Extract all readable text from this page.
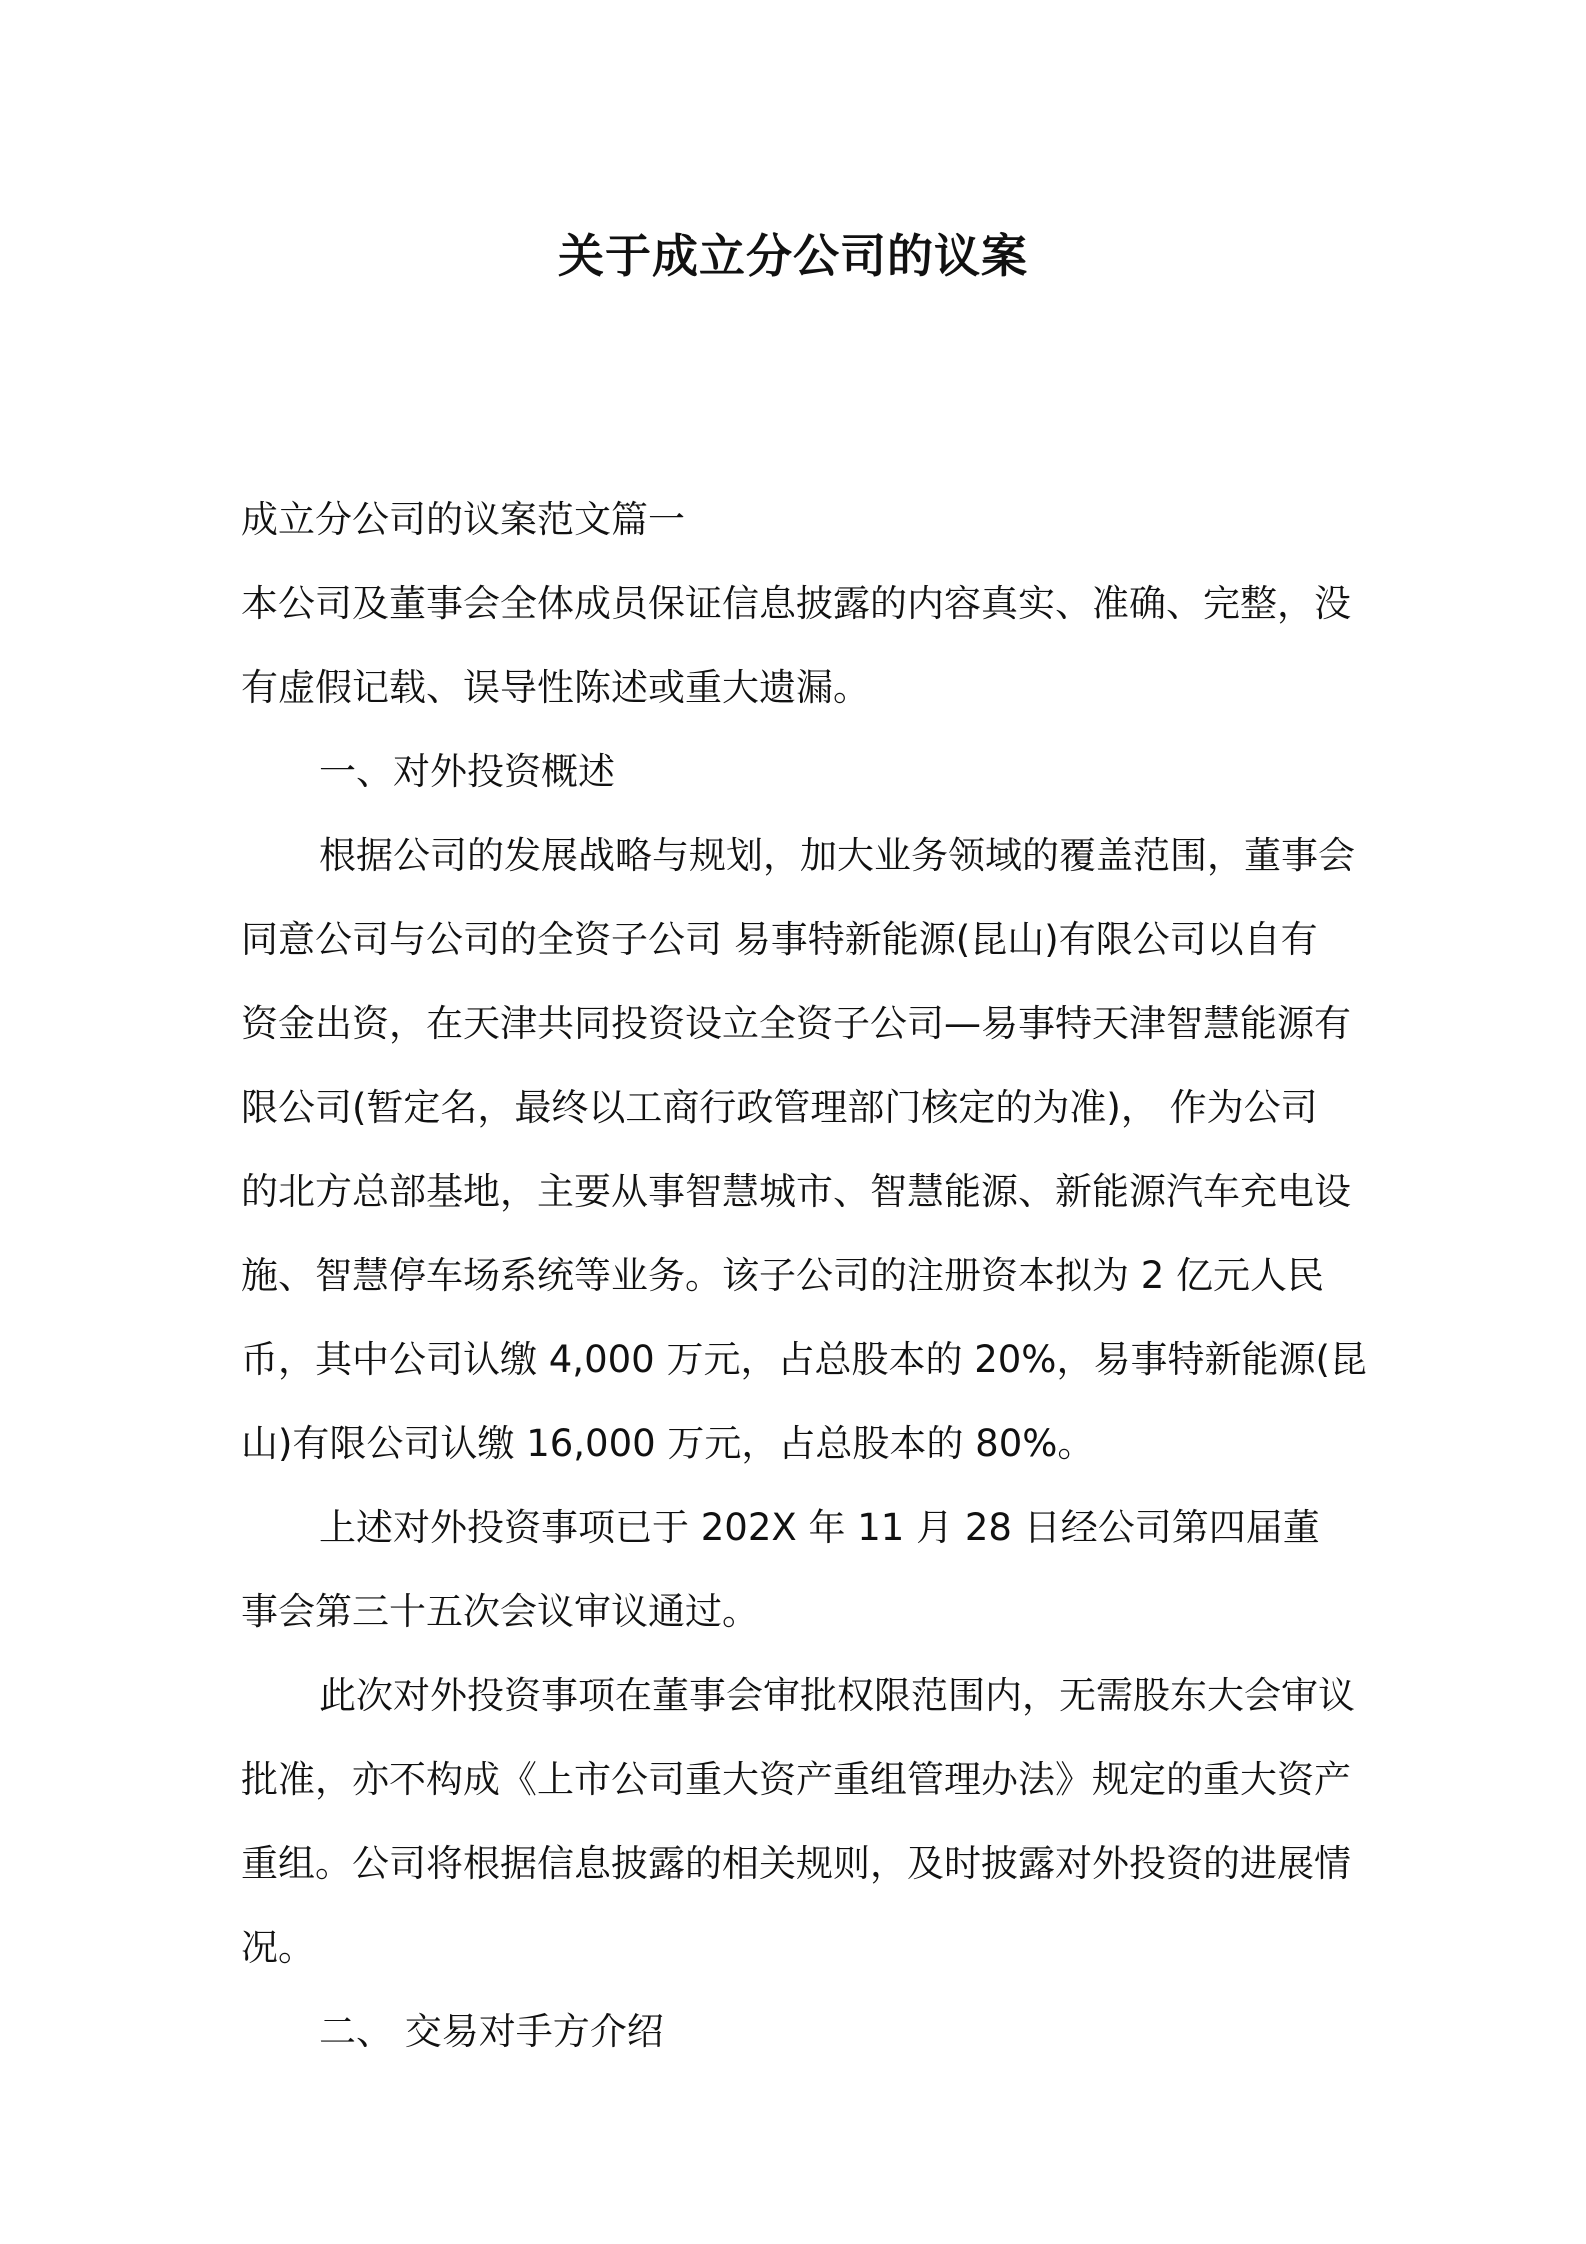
关于成立分公司的议案
成立分公司的议案范文篇一
本公司及董事会全体成员保证信息披露的内容真实、准确、完整，没
有虚假记载、误导性陈述或重大遗漏。
一、对外投资概述
根据公司的发展战略与规划，加大业务领域的覆盖范围，董事会
同意公司与公司的全资子公司 易事特新能源(昆山)有限公司以自有
资金出资，在天津共同投资设立全资子公司—易事特天津智慧能源有
限公司(暂定名，最终以工商行政管理部门核定的为准)， 作为公司
的北方总部基地，主要从事智慧城市、智慧能源、新能源汽车充电设
施、智慧停车场系统等业务。该子公司的注册资本拟为 2 亿元人民
币，其中公司认缴 4,000 万元，占总股本的 20%，易事特新能源(昆
山)有限公司认缴 16,000 万元，占总股本的 80%。
上述对外投资事项已于 202X 年 11 月 28 日经公司第四届董
事会第三十五次会议审议通过。
此次对外投资事项在董事会审批权限范围内，无需股东大会审议
批准，亦不构成《上市公司重大资产重组管理办法》规定的重大资产
重组。公司将根据信息披露的相关规则，及时披露对外投资的进展情
况。
二、 交易对手方介绍
